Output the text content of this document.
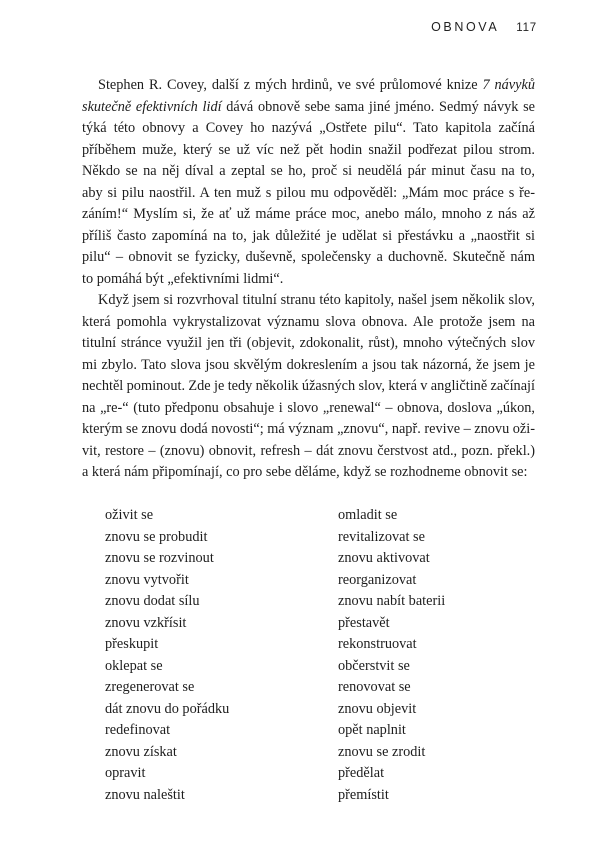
OBNOVA 117
Stephen R. Covey, další z mých hrdinů, ve své průlomové knize 7 návyků
skutečně efektivních lidí dává obnově sebe sama jiné jméno. Sedmý návyk se
týká této obnovy a Covey ho nazývá „Ostřete pilu“. Tato kapitola začíná
příběhem muže, který se už víc než pět hodin snažil podřezat pilou strom.
Někdo se na něj díval a zeptal se ho, proč si neudělá pár minut času na to,
aby si pilu naostřil. A ten muž s pilou mu odpověděl: „Mám moc práce s ře-
záním!“ Myslím si, že ať už máme práce moc, anebo málo, mnoho z nás až
příliš často zapomíná na to, jak důležité je udělat si přestávku a „naostřit si
pilu“ – obnovit se fyzicky, duševně, společensky a duchovně. Skutečně nám
to pomáhá být „efektivními lidmi“.
Když jsem si rozvrhoval titulní stranu této kapitoly, našel jsem několik slov,
která pomohla vykrystalizovat významu slova obnova. Ale protože jsem na
titulní stránce využil jen tři (objevit, zdokonalit, růst), mnoho výtečných slov
mi zbylo. Tato slova jsou skvělým dokreslením a jsou tak názorná, že jsem je
nechtěl pominout. Zde je tedy několik úžasných slov, která v angličtině začínají
na „re-“ (tuto předponu obsahuje i slovo „renewal“ – obnova, doslova „úkon,
kterým se znovu dodá novosti“; má význam „znovu“, např. revive – znovu oži-
vit, restore – (znovu) obnovit, refresh – dát znovu čerstvost atd., pozn. překl.)
a která nám připomínají, co pro sebe děláme, když se rozhodneme obnovit se:
oživit se
znovu se probudit
znovu se rozvinout
znovu vytvořit
znovu dodat sílu
znovu vzkřísit
přeskupit
oklepat se
zregenerovat se
dát znovu do pořádku
redefinovat
znovu získat
opravit
znovu naleštit
omladit se
revitalizovat se
znovu aktivovat
reorganizovat
znovu nabít baterii
přestavět
rekonstruovat
občerstvit se
renovovat se
znovu objevit
opět naplnit
znovu se zrodit
předělat
přemístit
